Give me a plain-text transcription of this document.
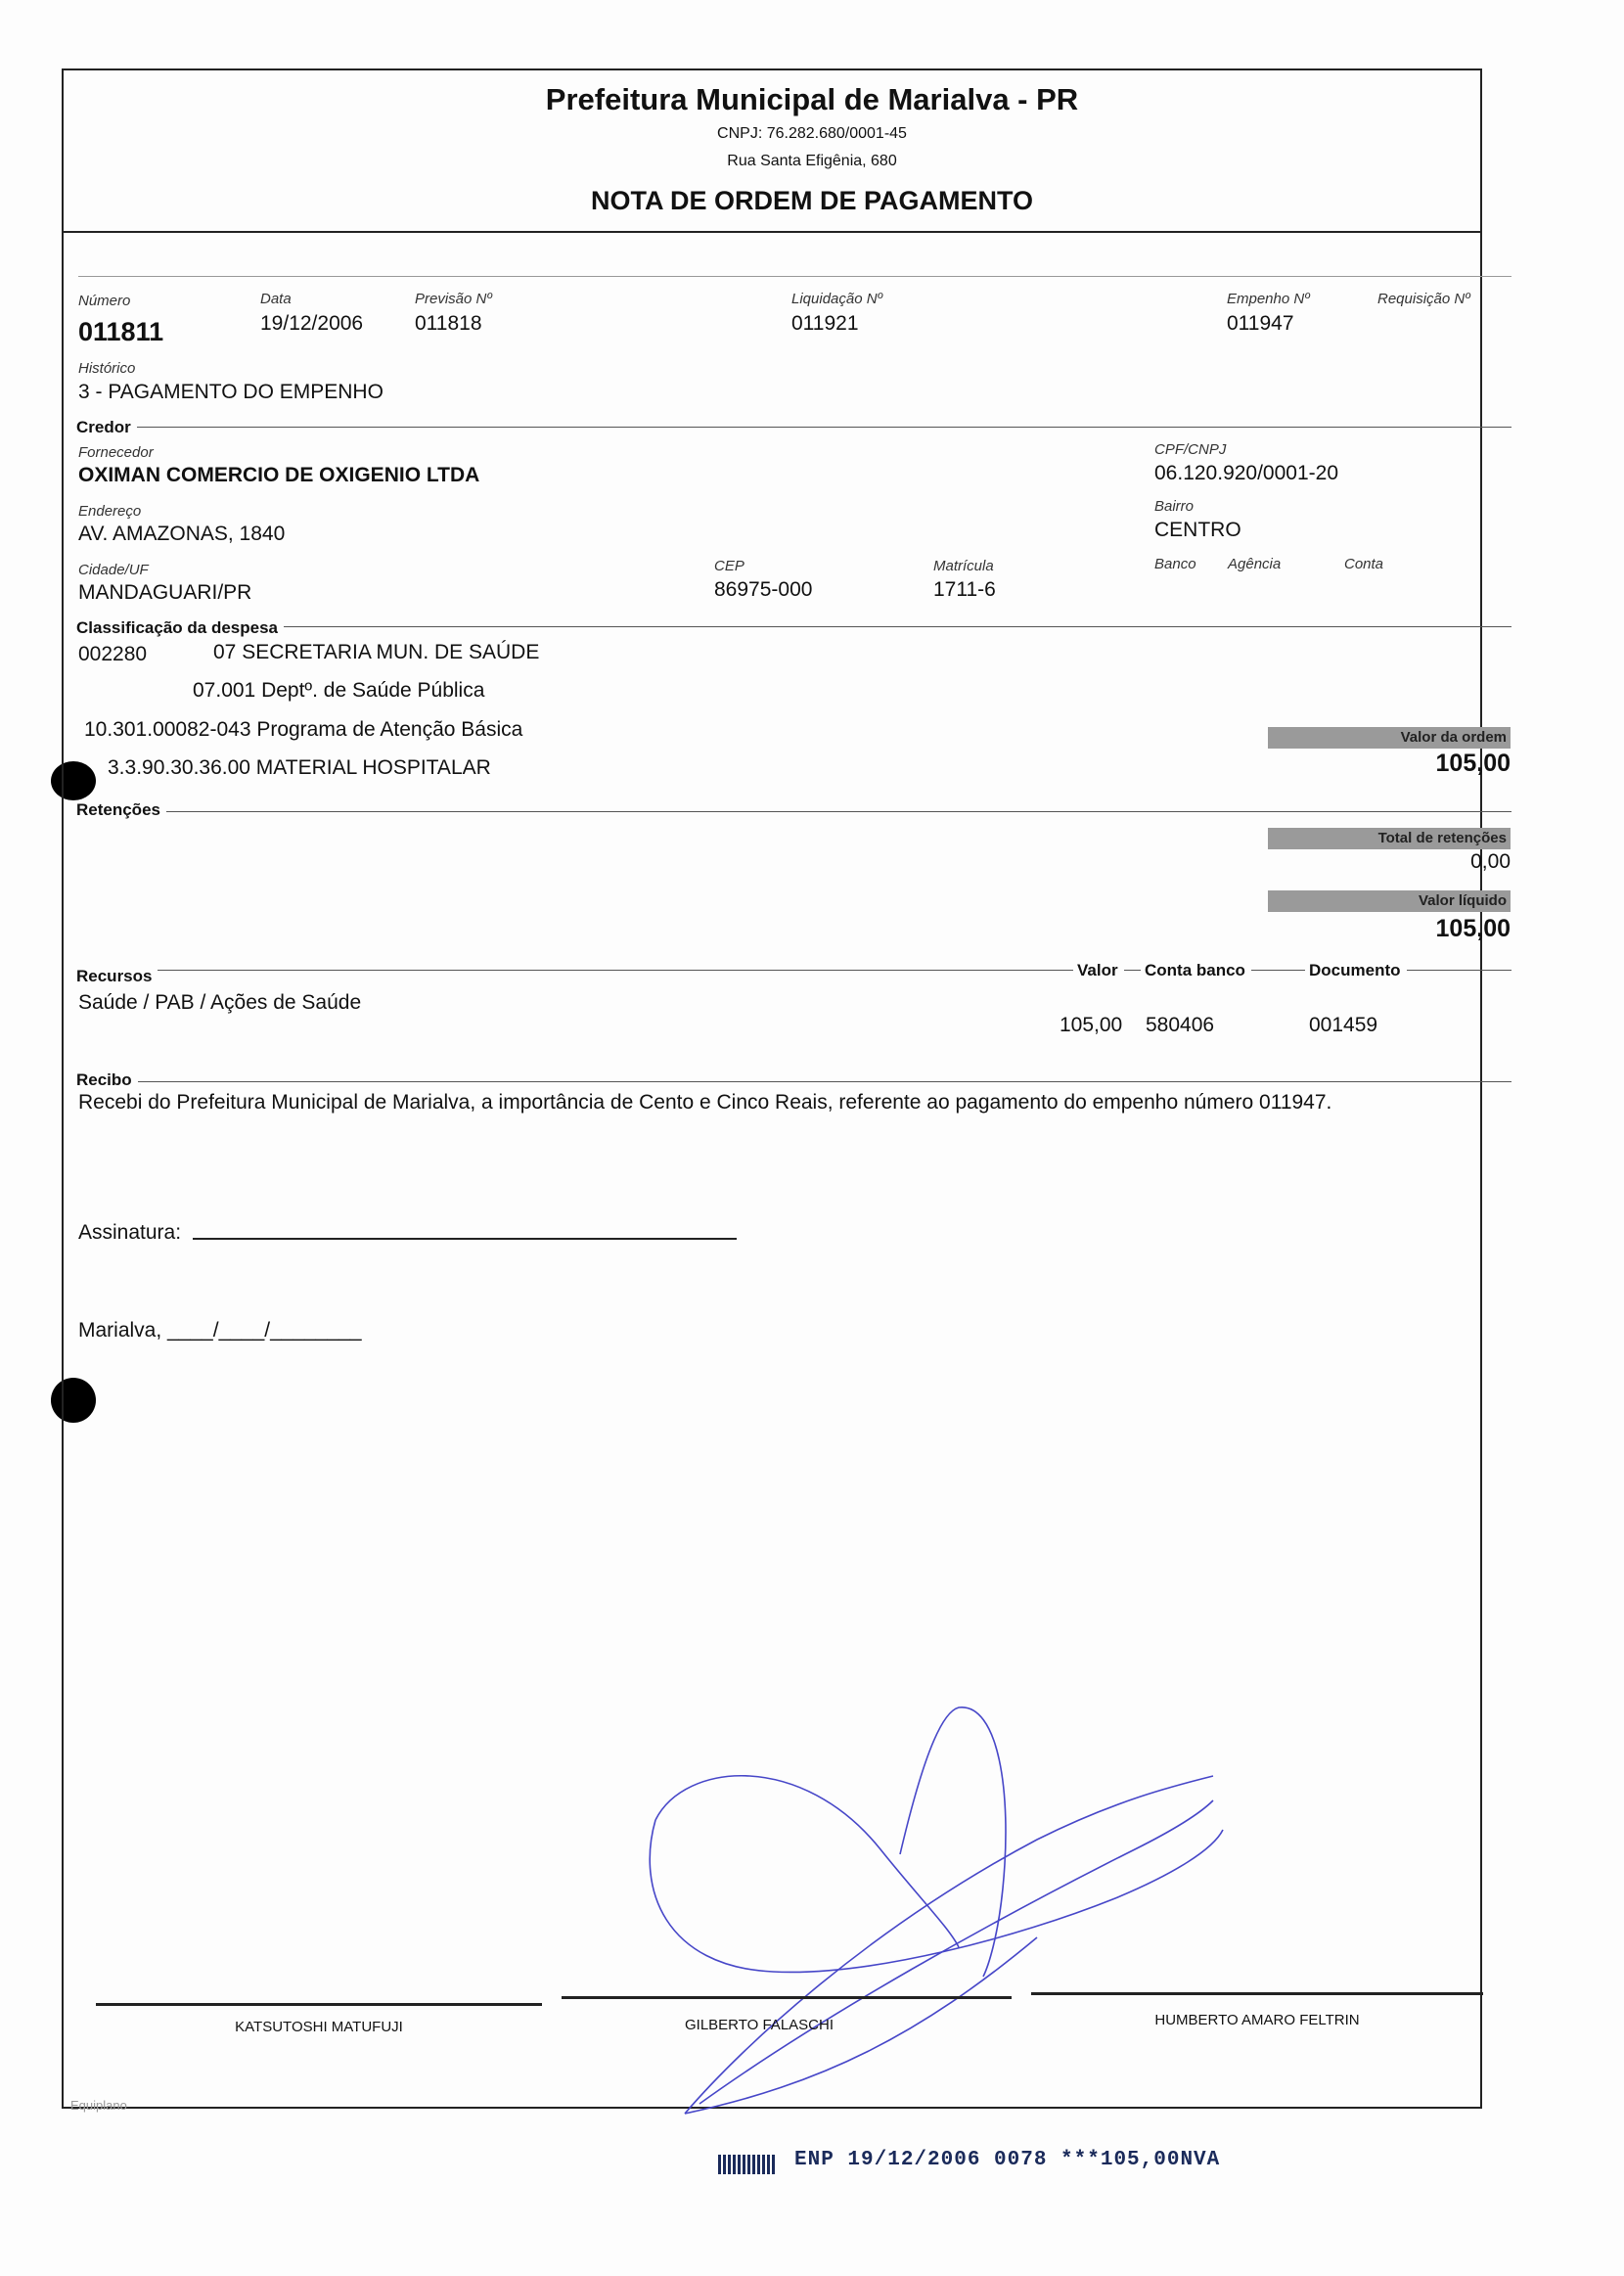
Prefeitura Municipal de Marialva - PR
CNPJ: 76.282.680/0001-45
Rua Santa Efigênia, 680
NOTA DE ORDEM DE PAGAMENTO
Número
011811
Data
19/12/2006
Previsão Nº
011818
Liquidação Nº
011921
Empenho Nº
011947
Requisição Nº
Histórico
3 - PAGAMENTO DO EMPENHO
Credor
Fornecedor
OXIMAN COMERCIO DE OXIGENIO LTDA
CPF/CNPJ
06.120.920/0001-20
Endereço
AV. AMAZONAS, 1840
Bairro
CENTRO
Cidade/UF
MANDAGUARI/PR
CEP
86975-000
Matrícula
1711-6
Banco Agência	Conta
Classificação da despesa
002280	07 SECRETARIA MUN. DE SAÚDE
07.001 Deptº. de Saúde Pública
10.301.00082-043 Programa de Atenção Básica
3.3.90.30.36.00 MATERIAL HOSPITALAR
Valor da ordem
105,00
Retenções
Total de retenções
0,00
Valor líquido
105,00
Recursos	Valor	Conta banco	Documento
Saúde / PAB / Ações de Saúde
105,00 580406	001459
Recibo
Recebi do Prefeitura Municipal de Marialva, a importância de Cento e Cinco Reais, referente ao pagamento do empenho número 011947.
Assinatura:
Marialva, ____/____/________
KATSUTOSHI MATUFUJI	GILBERTO FALASCHI	HUMBERTO AMARO FELTRIN
Equiplano
ENP 19/12/2006 0078 ***105,00NVA
